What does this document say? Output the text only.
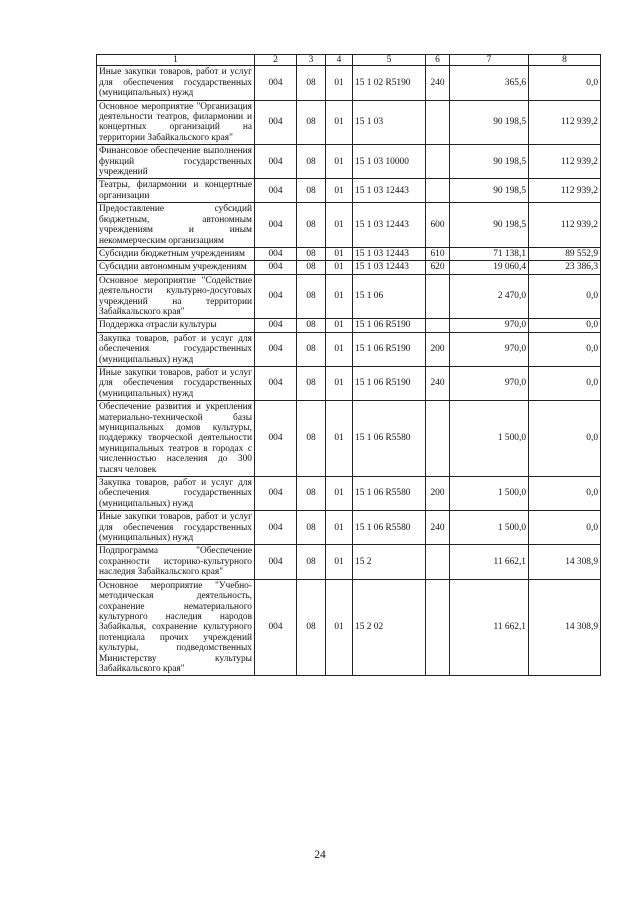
1	2	3	4	5	6	7	8
Иные закупки товаров, работ и услуг для обеспечения государственных (муниципальных) нужд	004	08	01	15 1 02 R5190	240	365,6	0,0
Основное мероприятие "Организация деятельности театров, филармонии и концертных организаций на территории Забайкальского края"	004	08	01	15 1 03		90 198,5	112 939,2
Финансовое обеспечение выполнения функций государственных учреждений	004	08	01	15 1 03 10000		90 198,5	112 939,2
Театры, филармонии и концертные организации	004	08	01	15 1 03 12443		90 198,5	112 939,2
Предоставление субсидий бюджетным, автономным учреждениям и иным некоммерческим организациям	004	08	01	15 1 03 12443	600	90 198,5	112 939,2
Субсидии бюджетным учреждениям	004	08	01	15 1 03 12443	610	71 138,1	89 552,9
Субсидии автономным учреждениям	004	08	01	15 1 03 12443	620	19 060,4	23 386,3
Основное мероприятие "Содействие деятельности культурно-досуговых учреждений на территории Забайкальского края"	004	08	01	15 1 06		2 470,0	0,0
Поддержка отрасли культуры	004	08	01	15 1 06 R5190		970,0	0,0
Закупка товаров, работ и услуг для обеспечения государственных (муниципальных) нужд	004	08	01	15 1 06 R5190	200	970,0	0,0
Иные закупки товаров, работ и услуг для обеспечения государственных (муниципальных) нужд	004	08	01	15 1 06 R5190	240	970,0	0,0
Обеспечение развития и укрепления материально-технической базы муниципальных домов культуры, поддержку творческой деятельности муниципальных театров в городах с численностью населения до 300 тысяч человек	004	08	01	15 1 06 R5580		1 500,0	0,0
Закупка товаров, работ и услуг для обеспечения государственных (муниципальных) нужд	004	08	01	15 1 06 R5580	200	1 500,0	0,0
Иные закупки товаров, работ и услуг для обеспечения государственных (муниципальных) нужд	004	08	01	15 1 06 R5580	240	1 500,0	0,0
Подпрограмма "Обеспечение сохранности историко-культурного наследия Забайкальского края"	004	08	01	15 2		11 662,1	14 308,9
Основное мероприятие "Учебно-методическая деятельность, сохранение нематериального культурного наследия народов Забайкалья, сохранение культурного потенциала прочих учреждений культуры, подведомственных Министерству культуры Забайкальского края"	004	08	01	15 2 02		11 662,1	14 308,9
24
